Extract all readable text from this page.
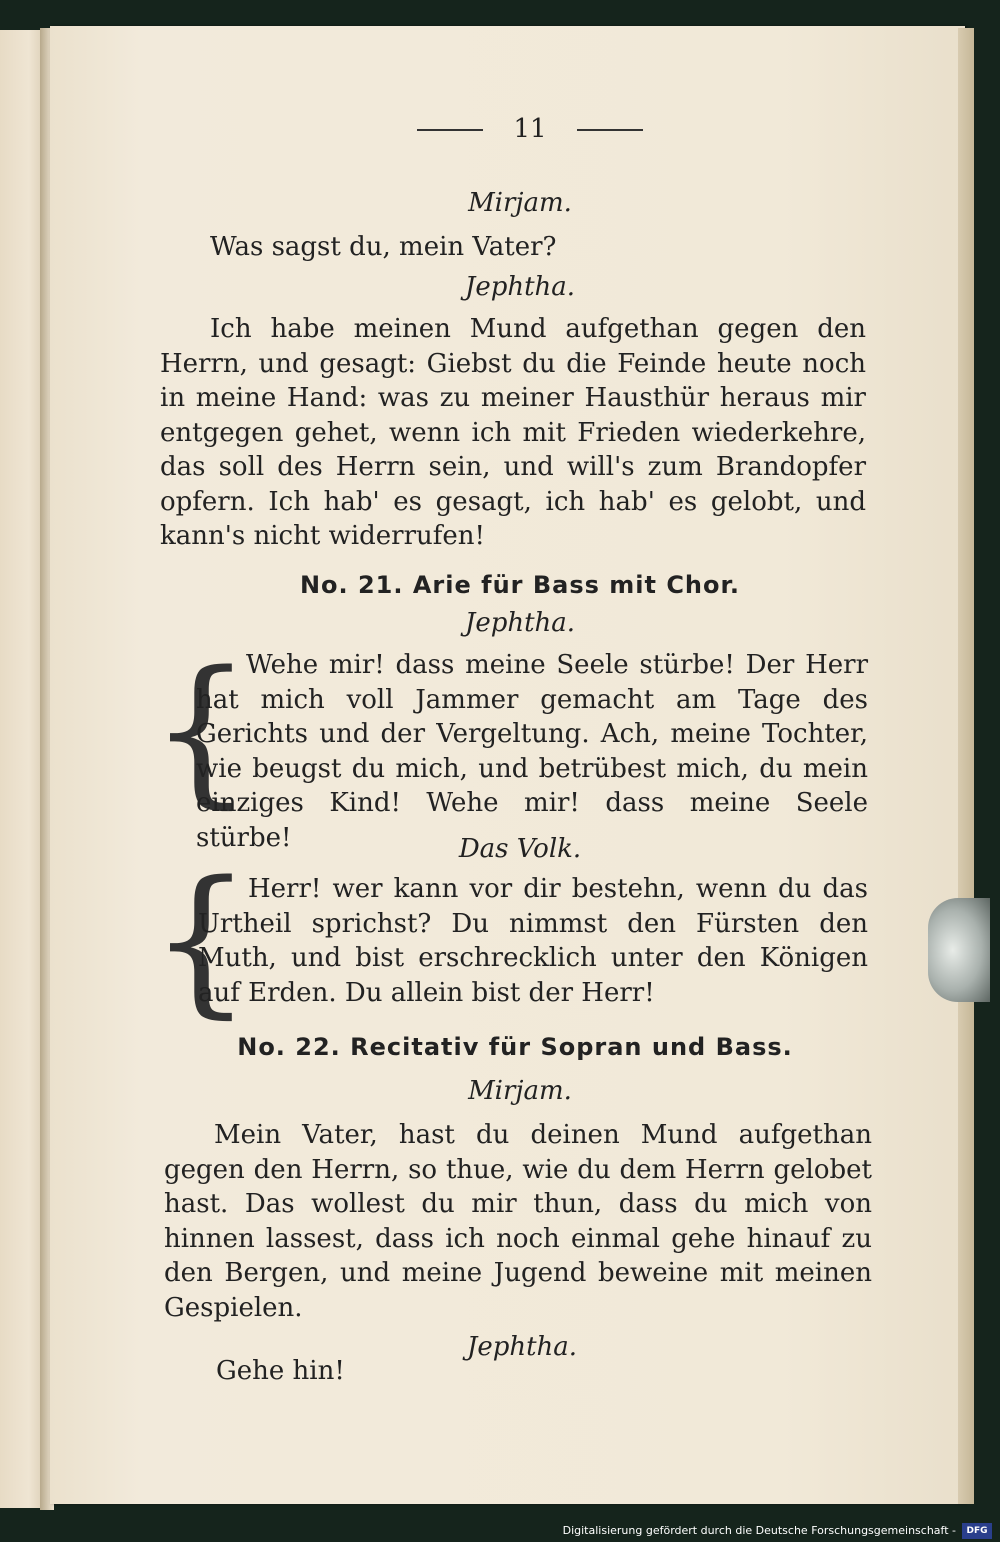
11
Mirjam.
Was sagst du, mein Vater?
Jephtha.
Ich habe meinen Mund aufgethan gegen den Herrn, und gesagt: Giebst du die Feinde heute noch in meine Hand: was zu meiner Hausthür heraus mir entgegen gehet, wenn ich mit Frieden wiederkehre, das soll des Herrn sein, und will's zum Brandopfer opfern. Ich hab' es gesagt, ich hab' es gelobt, und kann's nicht widerrufen!
No. 21. Arie für Bass mit Chor.
Jephtha.
{
Wehe mir! dass meine Seele stürbe! Der Herr hat mich voll Jammer gemacht am Tage des Gerichts und der Vergeltung. Ach, meine Tochter, wie beugst du mich, und betrübest mich, du mein einziges Kind! Wehe mir! dass meine Seele stürbe!	Das Volk.
{
Herr! wer kann vor dir bestehn, wenn du das Urtheil sprichst? Du nimmst den Fürsten den Muth, und bist erschrecklich unter den Königen auf Erden. Du allein bist der Herr!
No. 22. Recitativ für Sopran und Bass.
Mirjam.
Mein Vater, hast du deinen Mund aufgethan gegen den Herrn, so thue, wie du dem Herrn gelobet hast. Das wollest du mir thun, dass du mich von hinnen lassest, dass ich noch einmal gehe hinauf zu den Bergen, und meine Jugend beweine mit meinen Gespielen.
Jephtha.
Gehe hin!
Digitalisierung gefördert durch die Deutsche Forschungsgemeinschaft -	DFG
